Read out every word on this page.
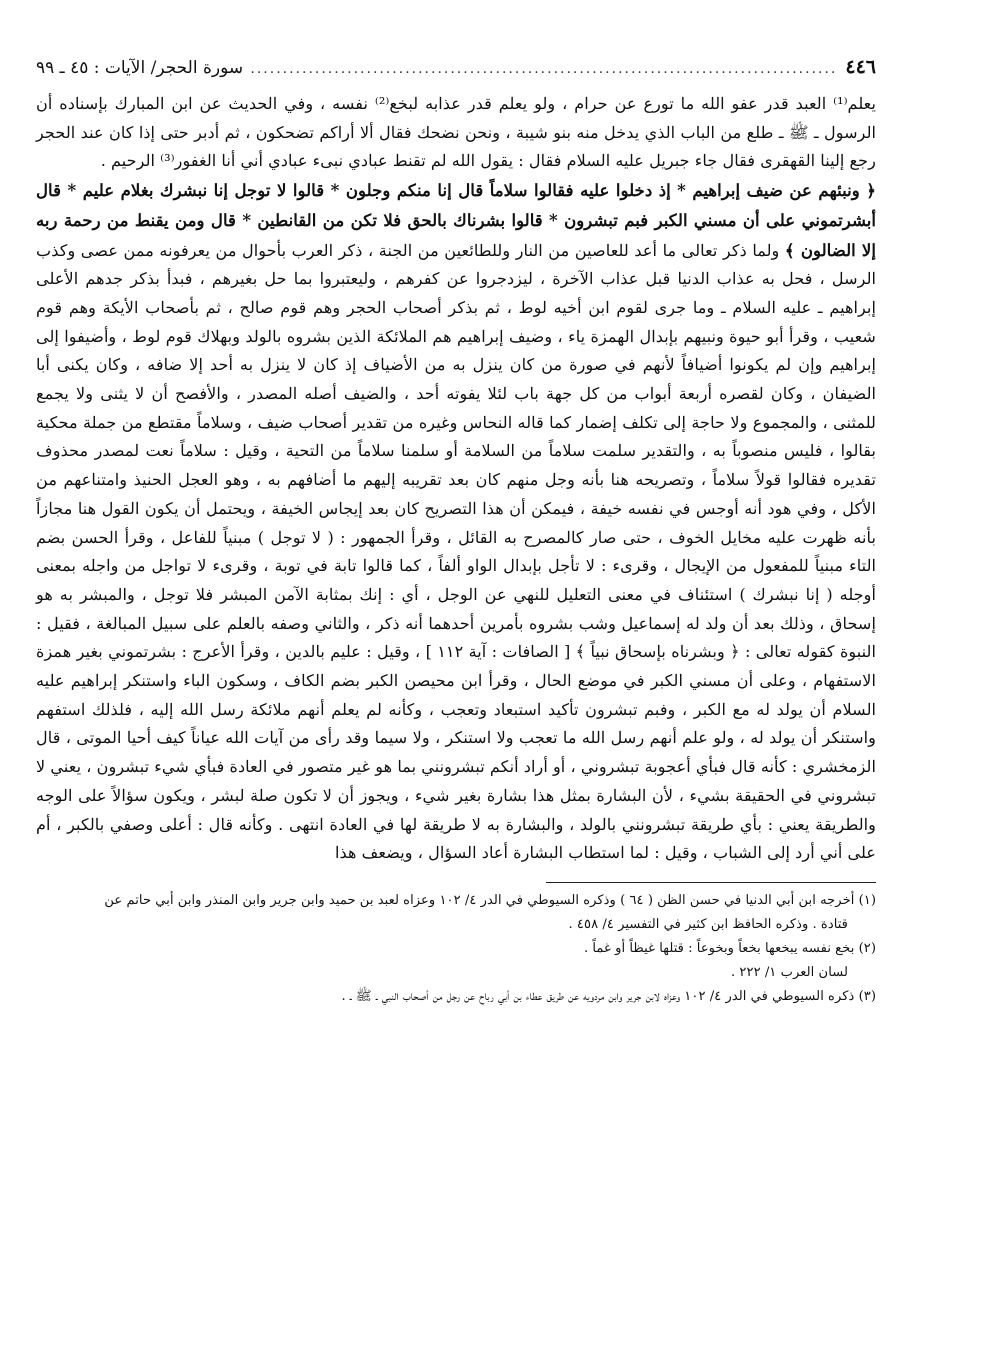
٤٤٦
.....
سورة الحجر/ الآيات : ٤٥ ـ ٩٩

يعلم⁽¹⁾ العبد قدر عفو الله ما تورع عن حرام ، ولو يعلم قدر عذابه لبخع⁽²⁾ نفسه ، وفي الحديث عن ابن المبارك بإسناده أن الرسول ـ ﷺ ـ طلع من الباب الذي يدخل منه بنو شيبة ، ونحن نضحك فقال ألا أراكم تضحكون ، ثم أدبر حتى إذا كان عند الحجر رجع إلينا القهقرى فقال جاء جبريل عليه السلام فقال : يقول الله لم تقنط عبادي نبىء عبادي أني أنا الغفور⁽³⁾ الرحيم .

﴿ ونبئهم عن ضيف إبراهيم * إذ دخلوا عليه فقالوا سلاماً قال إنا منكم وجلون * قالوا لا توجل إنا نبشرك بغلام عليم * قال أبشرتموني على أن مسني الكبر فبم تبشرون * قالوا بشرناك بالحق فلا تكن من القانطين * قال ومن يقنط من رحمة ربه إلا الضالون ﴾ ولما ذكر تعالى ما أعد للعاصين من النار وللطائعين من الجنة ، ذكر العرب بأحوال من يعرفونه ممن عصى وكذب الرسل ، فحل به عذاب الدنيا قبل عذاب الآخرة ، ليزدجروا عن كفرهم ، وليعتبروا بما حل بغيرهم ، فبدأ بذكر جدهم الأعلى إبراهيم ـ عليه السلام ـ وما جرى لقوم ابن أخيه لوط ، ثم بذكر أصحاب الحجر وهم قوم صالح ، ثم بأصحاب الأيكة وهم قوم شعيب ، وقرأ أبو حيوة ونبيهم بإبدال الهمزة ياء ، وضيف إبراهيم هم الملائكة الذين بشروه بالولد وبهلاك قوم لوط ، وأضيفوا إلى إبراهيم وإن لم يكونوا أضيافاً لأنهم في صورة من كان ينزل به من الأضياف إذ كان لا ينزل به أحد إلا ضافه ، وكان يكنى أبا الضيفان ، وكان لقصره أربعة أبواب من كل جهة باب لئلا يفوته أحد ، والضيف أصله المصدر ، والأفصح أن لا يثنى ولا يجمع للمثنى ، والمجموع ولا حاجة إلى تكلف إضمار كما قاله النحاس وغيره من تقدير أصحاب ضيف ، وسلاماً مقتطع من جملة محكية بقالوا ، فليس منصوباً به ، والتقدير سلمت سلاماً من السلامة أو سلمنا سلاماً من التحية ، وقيل : سلاماً نعت لمصدر محذوف تقديره فقالوا قولاً سلاماً ، وتصريحه هنا بأنه وجل منهم كان بعد تقريبه إليهم ما أضافهم به ، وهو العجل الحنيذ وامتناعهم من الأكل ، وفي هود أنه أوجس في نفسه خيفة ، فيمكن أن هذا التصريح كان بعد إيجاس الخيفة ، ويحتمل أن يكون القول هنا مجازاً بأنه ظهرت عليه مخايل الخوف ، حتى صار كالمصرح به القائل ، وقرأ الجمهور : ( لا توجل ) مبنياً للفاعل ، وقرأ الحسن بضم التاء مبنياً للمفعول من الإيجال ، وقرىء : لا تأجل بإبدال الواو ألفاً ، كما قالوا تابة في توبة ، وقرىء لا تواجل من واجله بمعنى أوجله ( إنا نبشرك ) استئناف في معنى التعليل للنهي عن الوجل ، أي : إنك بمثابة الآمن المبشر فلا توجل ، والمبشر به هو إسحاق ، وذلك بعد أن ولد له إسماعيل وشب بشروه بأمرين أحدهما أنه ذكر ، والثاني وصفه بالعلم على سبيل المبالغة ، فقيل : النبوة كقوله تعالى : ﴿ وبشرناه بإسحاق نبياً ﴾ [ الصافات : آية ١١٢ ] ، وقيل : عليم بالدين ، وقرأ الأعرج : بشرتموني بغير همزة الاستفهام ، وعلى أن مسني الكبر في موضع الحال ، وقرأ ابن محيصن الكبر بضم الكاف ، وسكون الباء واستنكر إبراهيم عليه السلام أن يولد له مع الكبر ، وفبم تبشرون تأكيد استبعاد وتعجب ، وكأنه لم يعلم أنهم ملائكة رسل الله إليه ، فلذلك استفهم واستنكر أن يولد له ، ولو علم أنهم رسل الله ما تعجب ولا استنكر ، ولا سيما وقد رأى من آيات الله عياناً كيف أحيا الموتى ، قال الزمخشري : كأنه قال فبأي أعجوبة تبشروني ، أو أراد أنكم تبشرونني بما هو غير متصور في العادة فبأي شيء تبشرون ، يعني لا تبشروني في الحقيقة بشيء ، لأن البشارة بمثل هذا بشارة بغير شيء ، ويجوز أن لا تكون صلة لبشر ، ويكون سؤالاً على الوجه والطريقة يعني : بأي طريقة تبشرونني بالولد ، والبشارة به لا طريقة لها في العادة انتهى . وكأنه قال : أعلى وصفي بالكبر ، أم على أني أرد إلى الشباب ، وقيل : لما استطاب البشارة أعاد السؤال ، ويضعف هذا

(١) أخرجه ابن أبي الدنيا في حسن الظن ( ٦٤ ) وذكره السيوطي في الدر ٤/ ١٠٢ وعزاه لعبد بن حميد وابن جرير وابن المنذر وابن أبي حاتم عن

قتادة . وذكره الحافظ ابن كثير في التفسير ٤/ ٤٥٨ .

(٢) بخع نفسه يبخعها بخعاً وبخوعاً : قتلها غيظاً أو غماً .

لسان العرب ١/ ٢٢٢ .

(٣) ذكره السيوطي في الدر ٤/ ١٠٢ وعزاه لابن جرير وابن مردويه عن طريق عطاء بن أبي رباح عن رجل من أصحاب النبي ـ ﷺ ـ .
